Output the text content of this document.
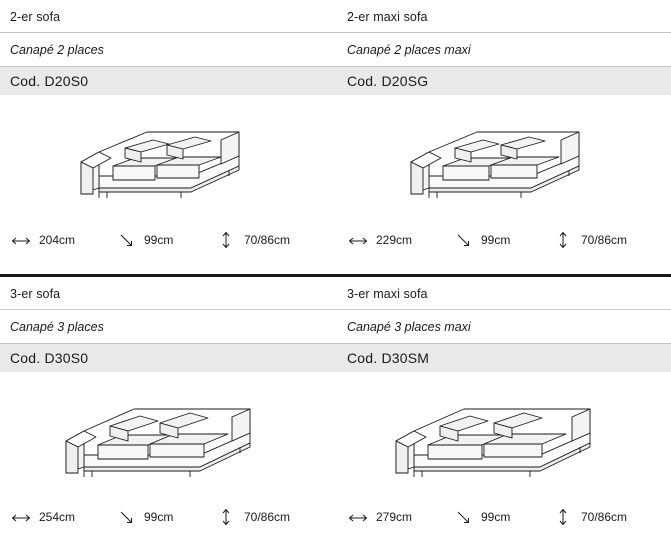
2-er sofa
Canapé 2 places
Cod. D20S0
204cm	99cm	70/86cm
2-er maxi sofa
Canapé 2 places maxi
Cod. D20SG
229cm	99cm	70/86cm
3-er sofa
Canapé 3 places
Cod. D30S0
254cm	99cm	70/86cm
3-er maxi sofa
Canapé 3 places maxi
Cod. D30SM
279cm	99cm	70/86cm
